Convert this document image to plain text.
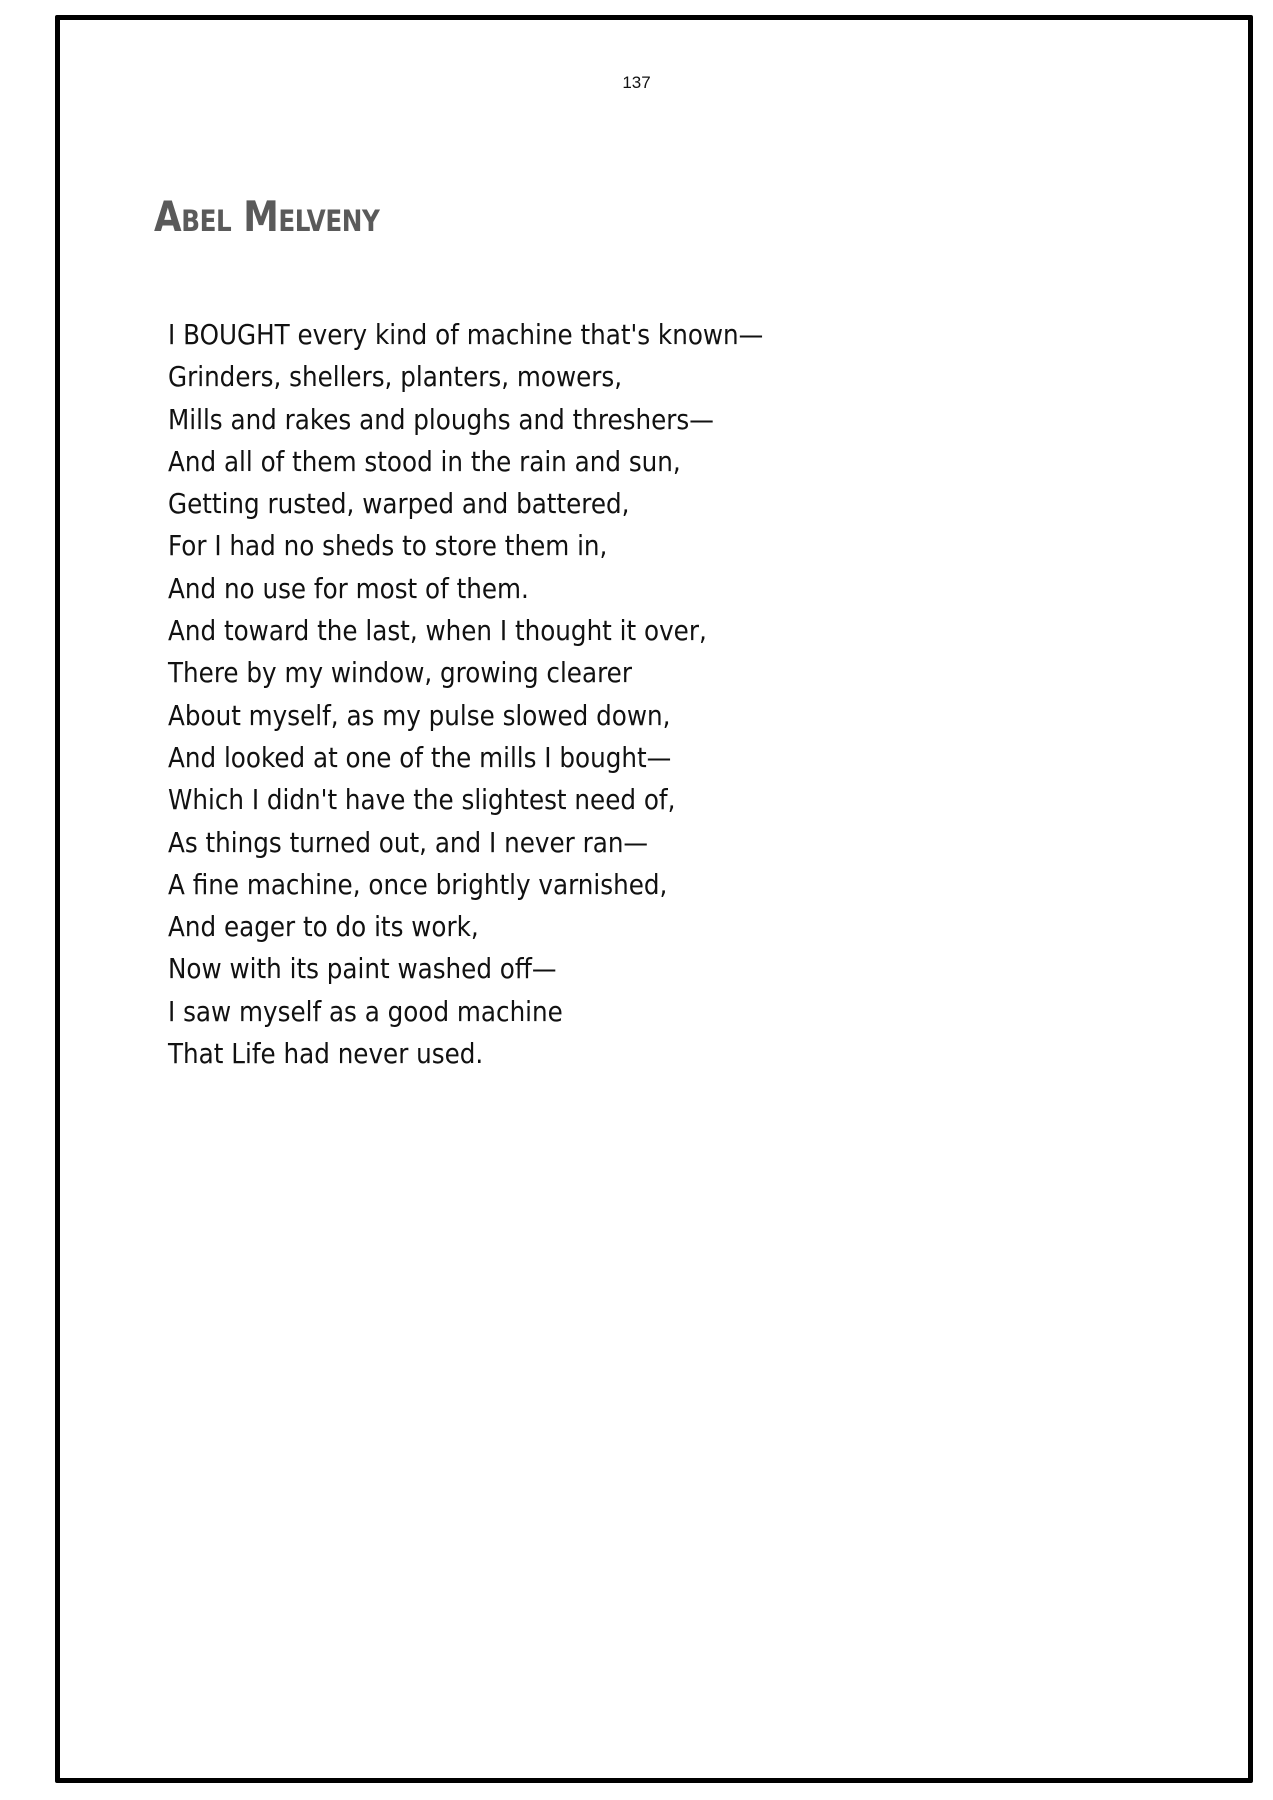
137
Abel Melveny
I BOUGHT every kind of machine that's known—
Grinders, shellers, planters, mowers,
Mills and rakes and ploughs and threshers—
And all of them stood in the rain and sun,
Getting rusted, warped and battered,
For I had no sheds to store them in,
And no use for most of them.
And toward the last, when I thought it over,
There by my window, growing clearer
About myself, as my pulse slowed down,
And looked at one of the mills I bought—
Which I didn't have the slightest need of,
As things turned out, and I never ran—
A fine machine, once brightly varnished,
And eager to do its work,
Now with its paint washed off—
I saw myself as a good machine
That Life had never used.
